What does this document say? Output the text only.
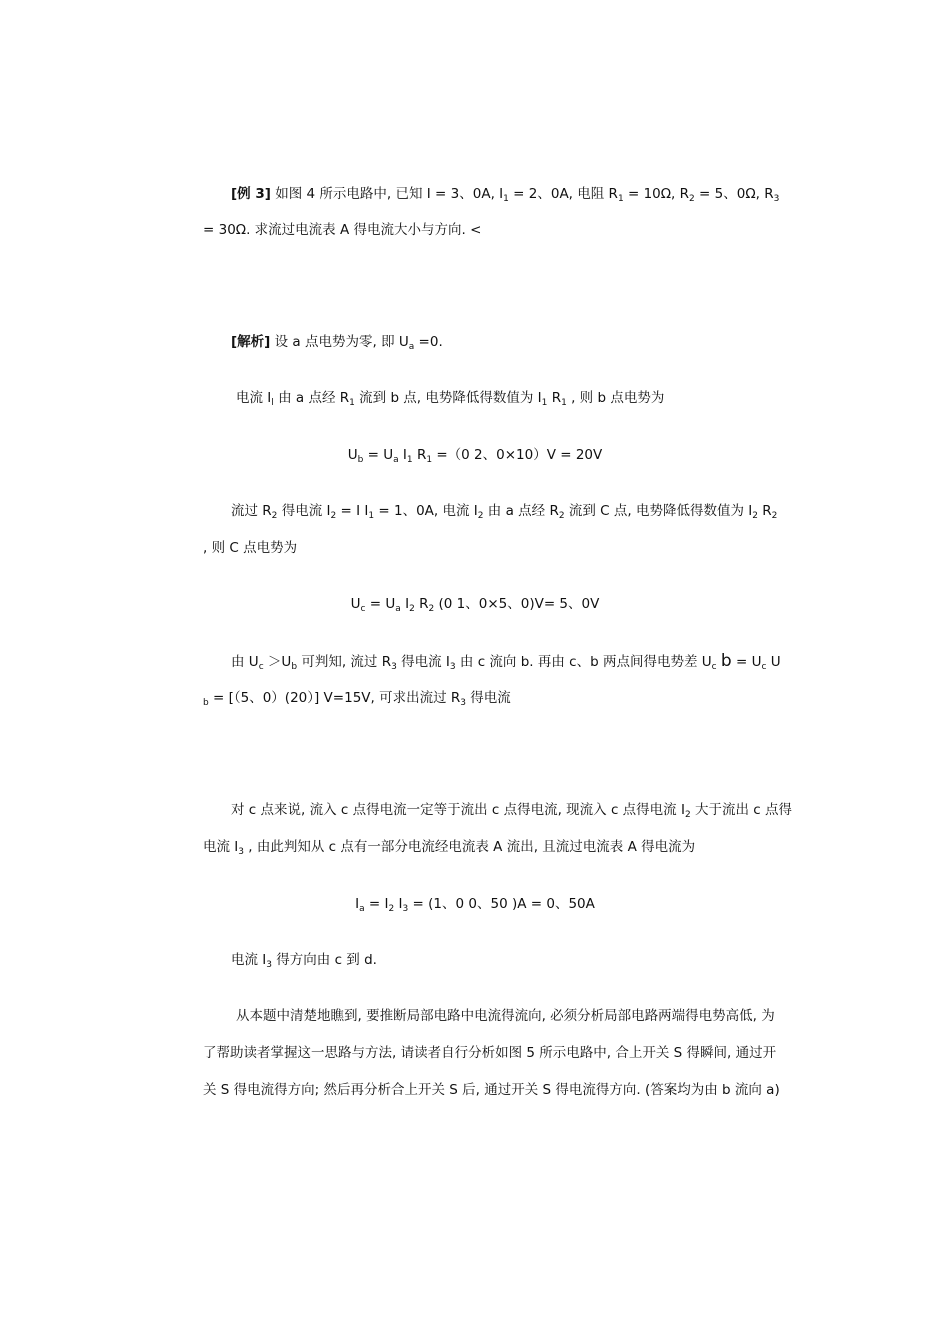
[例 3] 如图 4 所示电路中, 已知 I = 3、0A, $I_1 = 2$、0A, 电阻 $R_1 = 10\Omega$, $R_2 = 5$、0Ω, $R_3$
= 30Ω. 求流过电流表 A 得电流大小与方向. <
[解析] 设 a 点电势为零, 即 $U_a =0$.
电流 $I_l$ 由 a 点经 $R_1$ 流到 b 点, 电势降低得数值为 $I_1$ $R_1$ , 则 b 点电势为
$U_b = U_a$ $I_1$ $R_1 =(0$ 2、0×10）V = 20V
流过 $R_2$ 得电流 $I_2 = I$ $I_1 = 1$、0A, 电流 $I_2$ 由 a 点经 $R_2$ 流到 C 点, 电势降低得数值为 $I_2$ $R_2$
, 则 C 点电势为
$U_c = U_a$ $I_2$ $R_2$ (0 1、0×5、0)V= 5、0V
由 $U_c >U_b$ 可判知, 流过 $R_3$ 得电流 $I_3$ 由 c 流向 b. 再由 c、b 两点间得电势差 $U_c$ $b = U_c$ U
$_b$ = [（5、0）(20）] V=15V, 可求出流过 $R_3$ 得电流
对 c 点来说, 流入 c 点得电流一定等于流出 c 点得电流, 现流入 c 点得电流 $I_2$ 大于流出 c 点得
电流 $I_3$ , 由此判知从 c 点有一部分电流经电流表 A 流出, 且流过电流表 A 得电流为
$I_a = I_2$ $I_3 = (1$、0 0、50 )A = 0、50A
电流 $I_3$ 得方向由 c 到 d.
从本题中清楚地瞧到, 要推断局部电路中电流得流向, 必须分析局部电路两端得电势高低, 为
了帮助读者掌握这一思路与方法, 请读者自行分析如图 5 所示电路中, 合上开关 S 得瞬间, 通过开
关 S 得电流得方向; 然后再分析合上开关 S 后, 通过开关 S 得电流得方向. (答案均为由 b 流向 a)
